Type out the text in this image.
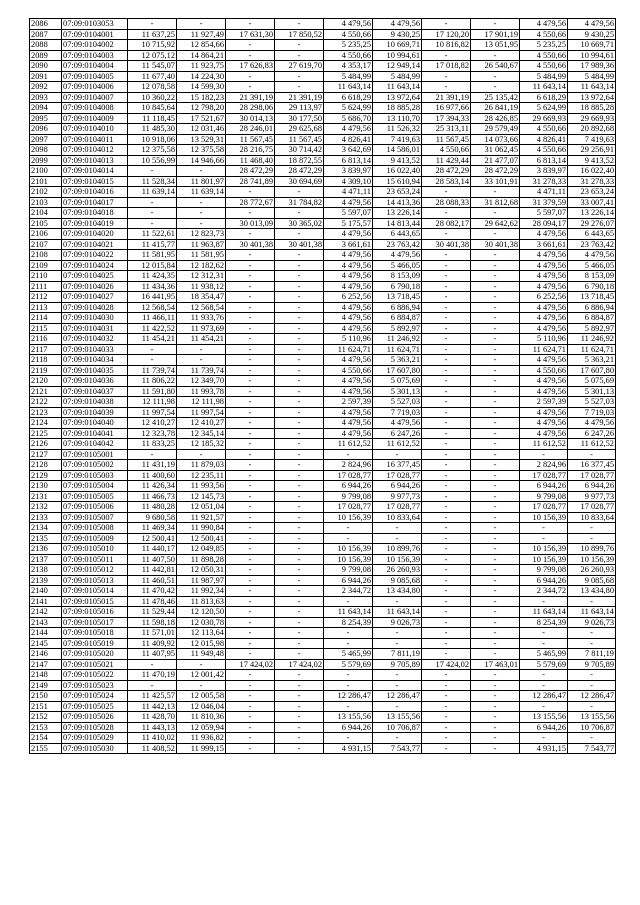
2086	07:09:0103053	-	-	-	-	4 479,56	4 479,56	-	-	4 479,56	4 479,56
2087	07:09:0104001	11 637,25	11 927,49	17 631,30	17 850,52	4 550,66	9 430,25	17 120,20	17 901,19	4 550,66	9 430,25
2088	07:09:0104002	10 715,92	12 854,66	-	-	5 235,25	10 669,71	10 816,82	13 051,95	5 235,25	10 669,71
2089	07:09:0104003	12 075,12	14 864,21	-	-	4 550,66	10 994,61	-	-	4 550,66	10 994,61
2090	07:09:0104004	11 545,07	11 923,75	17 626,83	27 619,70	4 353,17	12 949,14	17 018,82	26 540,67	4 550,66	17 989,36
2091	07:09:0104005	11 677,40	14 224,30	-	-	5 484,99	5 484,99	-	-	5 484,99	5 484,99
2092	07:09:0104006	12 078,58	14 599,30	-	-	11 643,14	11 643,14	-	-	11 643,14	11 643,14
2093	07:09:0104007	10 360,22	15 182,23	21 391,19	21 391,19	6 618,29	13 972,64	21 391,19	25 135,42	6 618,29	13 972,64
2094	07:09:0104008	10 845,64	12 798,20	28 298,06	29 113,97	5 624,99	18 885,28	16 977,66	26 841,19	5 624,99	18 885,28
2095	07:09:0104009	11 118,45	17 521,67	30 014,13	30 177,50	5 686,70	13 110,70	17 394,33	28 426,85	29 669,93	29 669,93
2096	07:09:0104010	11 485,30	12 031,46	28 246,01	29 625,68	4 479,56	11 526,32	25 313,11	29 579,49	4 550,66	20 892,68
2097	07:09:0104011	10 918,06	13 529,31	11 567,45	11 567,45	4 826,41	7 419,63	11 567,45	14 073,66	4 826,41	7 419,63
2098	07:09:0104012	12 375,58	12 375,58	28 216,75	30 714,42	3 642,69	14 586,01	4 550,66	31 062,45	4 550,66	29 256,91
2099	07:09:0104013	10 556,99	14 946,66	11 468,40	18 872,55	6 813,14	9 413,52	11 429,44	21 477,07	6 813,14	9 413,52
2100	07:09:0104014	-	-	28 472,29	28 472,29	3 839,97	16 022,40	28 472,29	28 472,29	3 839,97	16 022,40
2101	07:09:0104015	11 528,34	11 801,97	28 741,89	30 694,69	4 309,10	15 610,94	28 583,14	33 101,91	31 278,33	31 278,33
2102	07:09:0104016	11 639,14	11 639,14	-	-	4 471,11	23 653,24	-	-	4 471,11	23 653,24
2103	07:09:0104017	-	-	28 772,67	31 784,82	4 479,56	14 413,36	28 088,33	31 812,68	31 379,59	33 007,41
2104	07:09:0104018	-	-	-	-	5 597,07	13 226,14	-	-	5 597,07	13 226,14
2105	07:09:0104019	-	-	30 013,09	30 365,02	5 175,57	14 813,44	28 082,17	29 642,62	28 094,17	29 276,07
2106	07:09:0104020	11 522,61	12 823,73	-	-	4 479,56	6 443,65	-	-	4 479,56	6 443,65
2107	07:09:0104021	11 415,77	11 963,87	30 401,38	30 401,38	3 661,61	23 763,42	30 401,38	30 401,38	3 661,61	23 763,42
2108	07:09:0104022	11 581,95	11 581,95	-	-	4 479,56	4 479,56	-	-	4 479,56	4 479,56
2109	07:09:0104024	12 015,84	12 182,62	-	-	4 479,56	5 466,05	-	-	4 479,56	5 466,05
2110	07:09:0104025	11 424,35	12 312,31	-	-	4 479,56	8 153,09	-	-	4 479,56	8 153,09
2111	07:09:0104026	11 434,36	11 938,12	-	-	4 479,56	6 790,18	-	-	4 479,56	6 790,18
2112	07:09:0104027	16 441,95	18 354,47	-	-	6 252,56	13 718,45	-	-	6 252,56	13 718,45
2113	07:09:0104028	12 568,54	12 568,54	-	-	4 479,56	6 886,94	-	-	4 479,56	6 886,94
2114	07:09:0104030	11 466,11	11 933,76	-	-	4 479,56	6 884,87	-	-	4 479,56	6 884,87
2115	07:09:0104031	11 422,52	11 973,69	-	-	4 479,56	5 892,97	-	-	4 479,56	5 892,97
2116	07:09:0104032	11 454,21	11 454,21	-	-	5 110,96	11 246,92	-	-	5 110,96	11 246,92
2117	07:09:0104033	-	-	-	-	11 624,71	11 624,71	-	-	11 624,71	11 624,71
2118	07:09:0104034	-	-	-	-	4 479,56	5 363,21	-	-	4 479,56	5 363,21
2119	07:09:0104035	11 739,74	11 739,74	-	-	4 550,66	17 607,80	-	-	4 550,66	17 607,80
2120	07:09:0104036	11 806,22	12 349,70	-	-	4 479,56	5 075,69	-	-	4 479,56	5 075,69
2121	07:09:0104037	11 591,80	11 993,78	-	-	4 479,56	5 301,13	-	-	4 479,56	5 301,13
2122	07:09:0104038	12 111,98	12 111,98	-	-	2 597,39	5 527,03	-	-	2 597,39	5 527,03
2123	07:09:0104039	11 997,54	11 997,54	-	-	4 479,56	7 719,03	-	-	4 479,56	7 719,03
2124	07:09:0104040	12 410,27	12 410,27	-	-	4 479,56	4 479,56	-	-	4 479,56	4 479,56
2125	07:09:0104041	12 323,78	12 345,14	-	-	4 479,56	6 247,26	-	-	4 479,56	6 247,26
2126	07:09:0104042	11 833,25	12 185,32	-	-	11 612,52	11 612,52	-	-	11 612,52	11 612,52
2127	07:09:0105001	-	-	-	-	-	-	-	-	-	-
2128	07:09:0105002	11 431,19	11 879,03	-	-	2 824,96	16 377,45	-	-	2 824,96	16 377,45
2129	07:09:0105003	11 400,60	12 235,11	-	-	17 028,77	17 028,77	-	-	17 028,77	17 028,77
2130	07:09:0105004	11 426,34	11 993,56	-	-	6 944,26	6 944,26	-	-	6 944,26	6 944,26
2131	07:09:0105005	11 466,73	12 145,73	-	-	9 799,08	9 977,73	-	-	9 799,08	9 977,73
2132	07:09:0105006	11 480,28	12 051,04	-	-	17 028,77	17 028,77	-	-	17 028,77	17 028,77
2133	07:09:0105007	9 680,58	11 921,57	-	-	10 156,39	10 833,64	-	-	10 156,39	10 833,64
2134	07:09:0105008	11 469,34	11 990,84	-	-	-	-	-	-	-	-
2135	07:09:0105009	12 500,41	12 500,41	-	-	-	-	-	-	-	-
2136	07:09:0105010	11 440,17	12 049,85	-	-	10 156,39	10 899,76	-	-	10 156,39	10 899,76
2137	07:09:0105011	11 407,50	11 898,28	-	-	10 156,39	10 156,39	-	-	10 156,39	10 156,39
2138	07:09:0105012	11 442,81	12 050,31	-	-	9 799,08	26 260,93	-	-	9 799,08	26 260,93
2139	07:09:0105013	11 460,51	11 987,97	-	-	6 944,26	9 085,68	-	-	6 944,26	9 085,68
2140	07:09:0105014	11 470,42	11 992,34	-	-	2 344,72	13 434,80	-	-	2 344,72	13 434,80
2141	07:09:0105015	11 478,46	11 813,63	-	-	-	-	-	-	-	-
2142	07:09:0105016	11 529,44	12 120,50	-	-	11 643,14	11 643,14	-	-	11 643,14	11 643,14
2143	07:09:0105017	11 598,18	12 030,78	-	-	8 254,39	9 026,73	-	-	8 254,39	9 026,73
2144	07:09:0105018	11 571,01	12 113,64	-	-	-	-	-	-	-	-
2145	07:09:0105019	11 409,92	12 015,98	-	-	-	-	-	-	-	-
2146	07:09:0105020	11 407,95	11 949,48	-	-	5 465,99	7 811,19	-	-	5 465,99	7 811,19
2147	07:09:0105021	-	-	17 424,02	17 424,02	5 579,69	9 705,89	17 424,02	17 463,01	5 579,69	9 705,89
2148	07:09:0105022	11 470,19	12 001,42	-	-	-	-	-	-	-	-
2149	07:09:0105023	-	-	-	-	-	-	-	-	-	-
2150	07:09:0105024	11 425,57	12 005,58	-	-	12 286,47	12 286,47	-	-	12 286,47	12 286,47
2151	07:09:0105025	11 442,13	12 046,04	-	-	-	-	-	-	-	-
2152	07:09:0105026	11 428,70	11 810,36	-	-	13 155,56	13 155,56	-	-	13 155,56	13 155,56
2153	07:09:0105028	11 443,13	12 059,94	-	-	6 944,26	10 706,87	-	-	6 944,26	10 706,87
2154	07:09:0105029	11 410,02	11 936,82	-	-	-	-	-	-	-	-
2155	07:09:0105030	11 408,52	11 999,15	-	-	4 931,15	7 543,77	-	-	4 931,15	7 543,77
